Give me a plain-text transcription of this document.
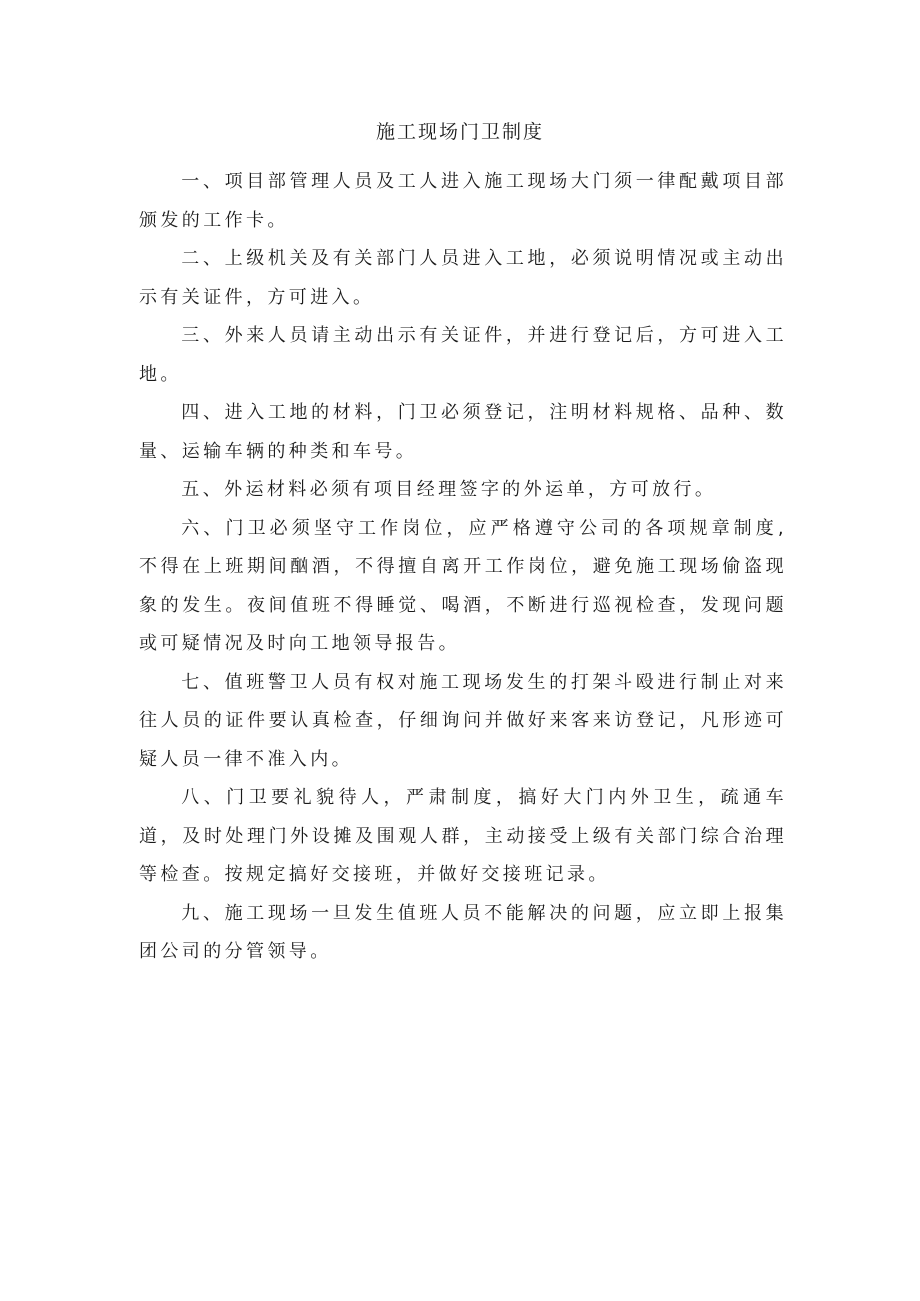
施工现场门卫制度

一、项目部管理人员及工人进入施工现场大门须一律配戴项目部颁发的工作卡。

二、上级机关及有关部门人员进入工地，必须说明情况或主动出示有关证件，方可进入。

三、外来人员请主动出示有关证件，并进行登记后，方可进入工地。

四、进入工地的材料，门卫必须登记，注明材料规格、品种、数量、运输车辆的种类和车号。

五、外运材料必须有项目经理签字的外运单，方可放行。

六、门卫必须坚守工作岗位，应严格遵守公司的各项规章制度,不得在上班期间酗酒，不得擅自离开工作岗位，避免施工现场偷盗现象的发生。夜间值班不得睡觉、喝酒，不断进行巡视检查，发现问题或可疑情况及时向工地领导报告。

七、值班警卫人员有权对施工现场发生的打架斗殴进行制止对来往人员的证件要认真检查，仔细询问并做好来客来访登记，凡形迹可疑人员一律不准入内。

八、门卫要礼貌待人，严肃制度，搞好大门内外卫生，疏通车道，及时处理门外设摊及围观人群，主动接受上级有关部门综合治理等检查。按规定搞好交接班，并做好交接班记录。

九、施工现场一旦发生值班人员不能解决的问题，应立即上报集团公司的分管领导。
